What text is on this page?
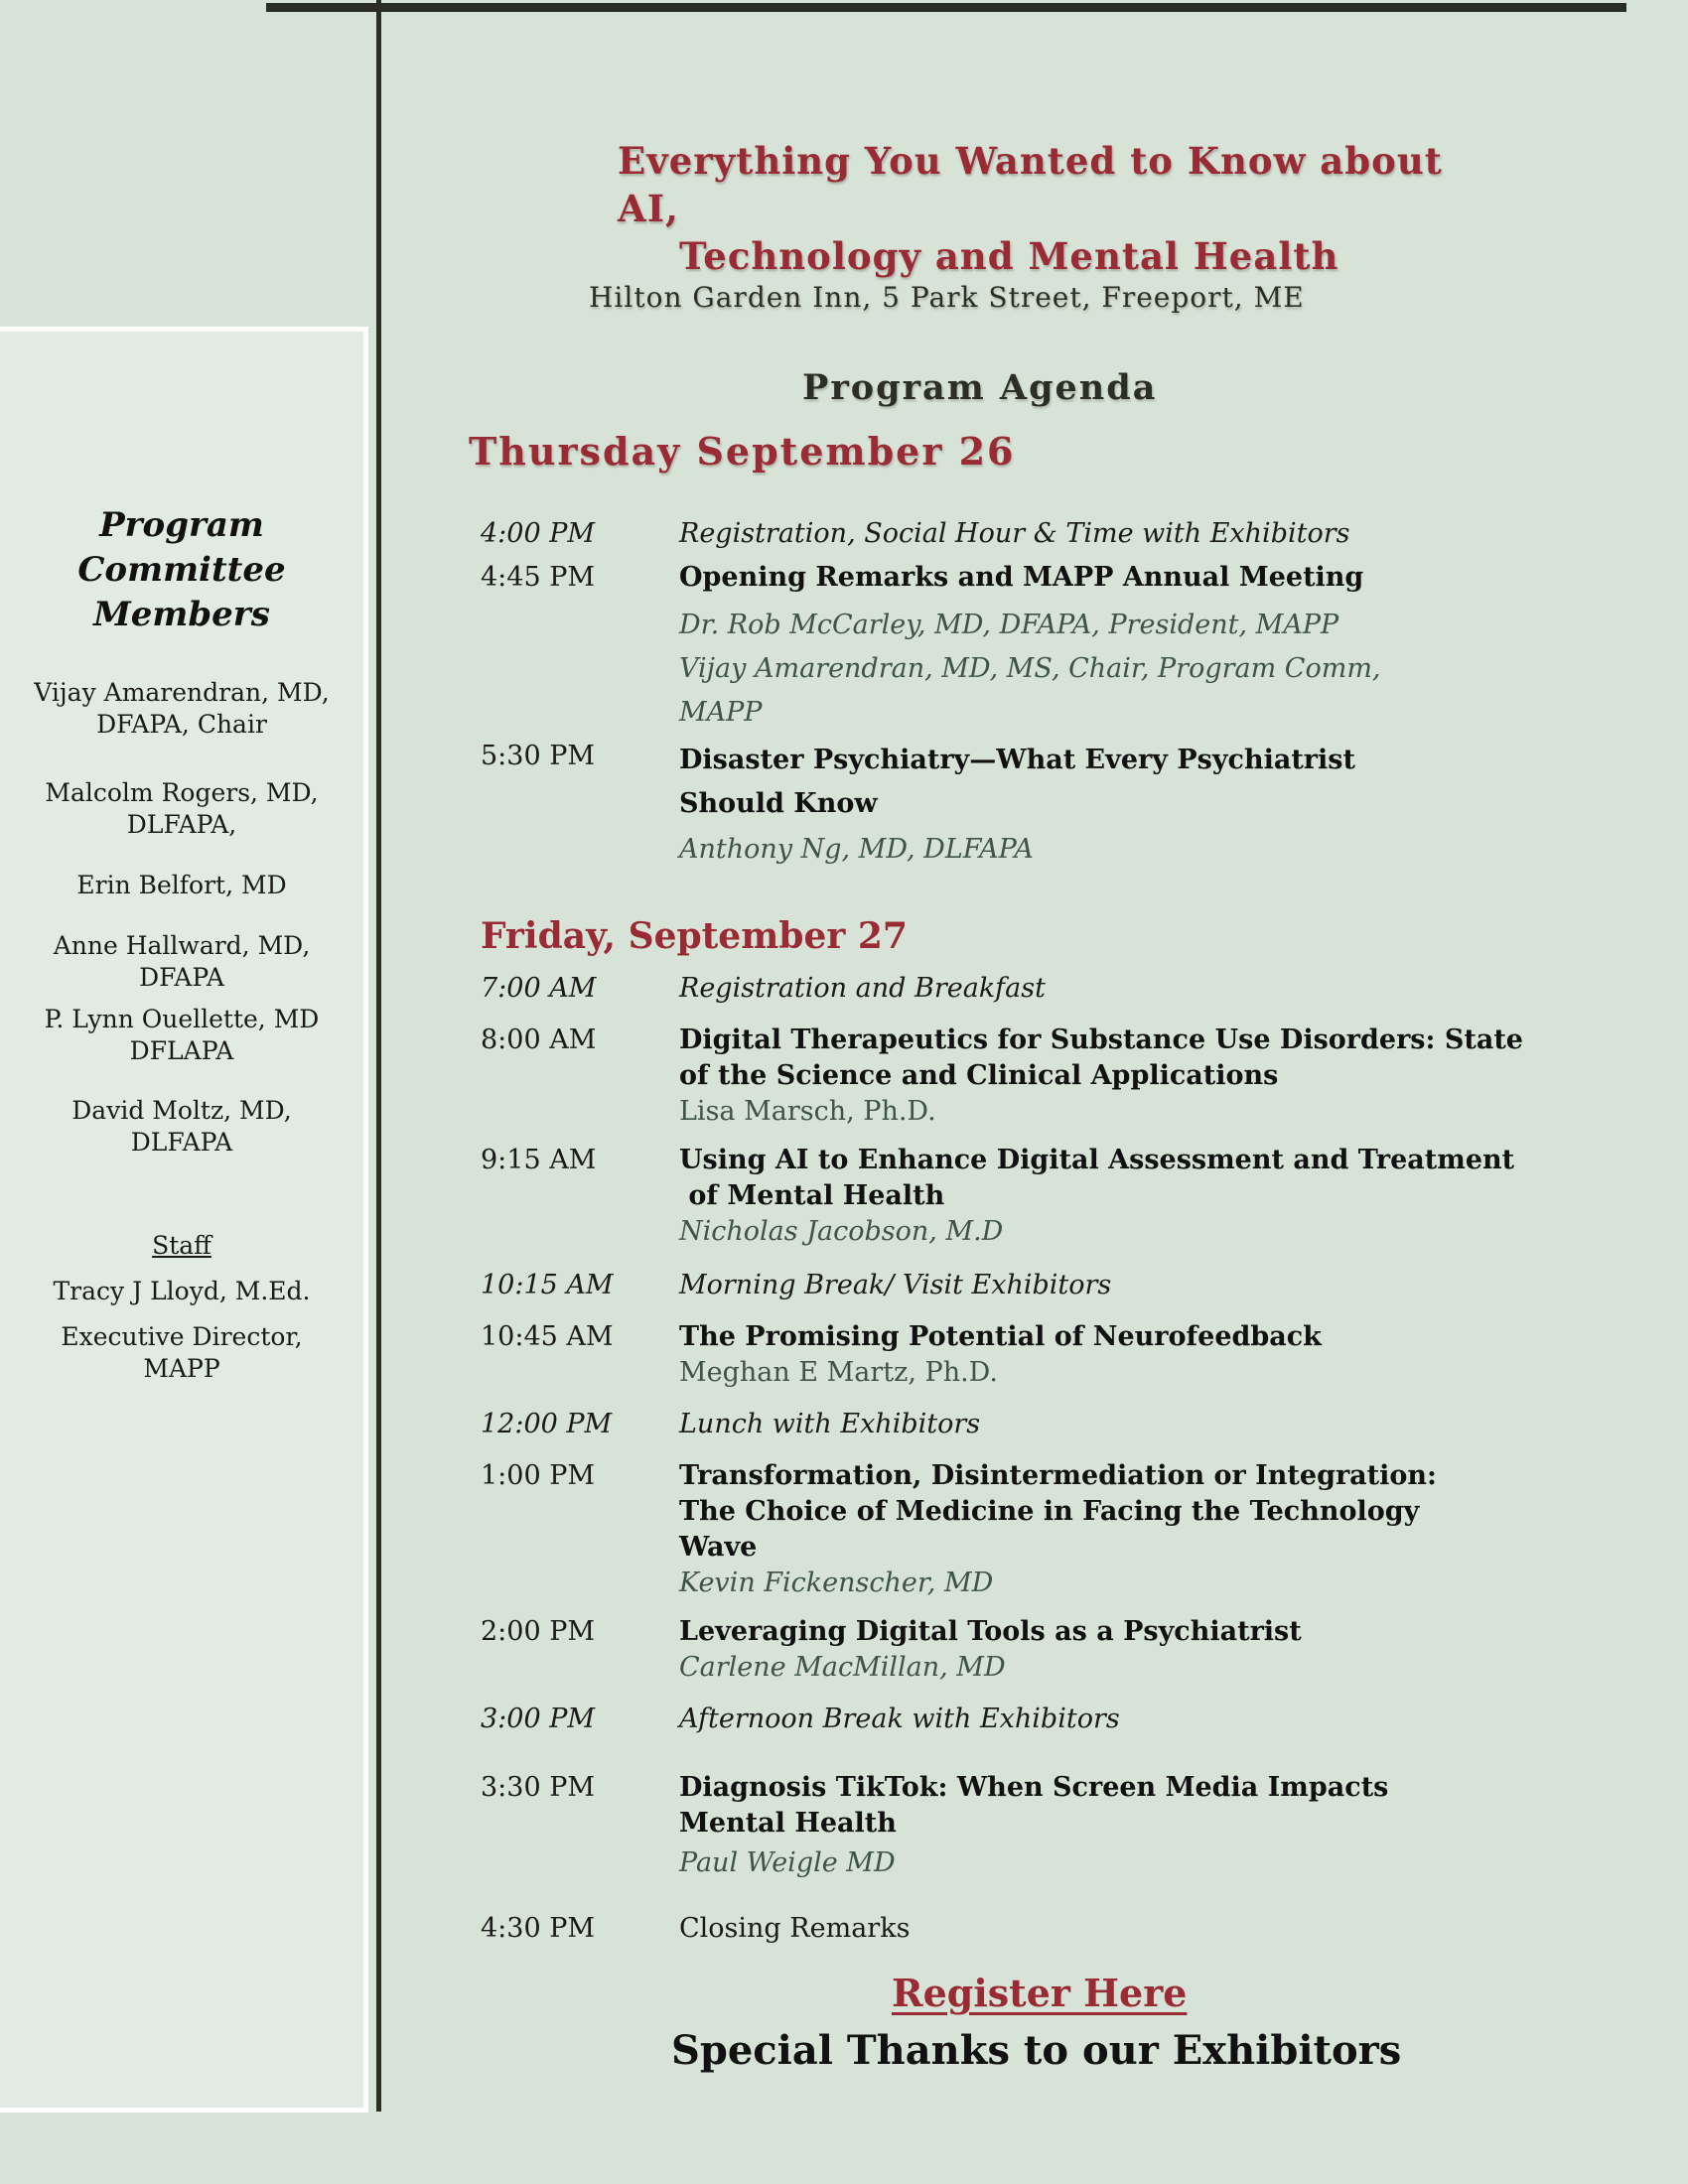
Program
Committee
Members
Vijay Amarendran, MD,
DFAPA, Chair
Malcolm Rogers, MD,
DLFAPA,
Erin Belfort, MD
Anne Hallward, MD,
DFAPA
P. Lynn Ouellette, MD
DFLAPA
David Moltz, MD,
DLFAPA
Staff
Tracy J Lloyd, M.Ed.
Executive Director,
MAPP
Everything You Wanted to Know about AI,
Technology and Mental Health
Hilton Garden Inn, 5 Park Street, Freeport, ME
Program Agenda
Thursday September 26
4:00 PM	Registration, Social Hour & Time with Exhibitors
4:45 PM	Opening Remarks and MAPP Annual Meeting
Dr. Rob McCarley, MD, DFAPA, President, MAPP
Vijay Amarendran, MD, MS, Chair, Program Comm,
MAPP
5:30 PM	Disaster Psychiatry—What Every Psychiatrist
Should Know
Anthony Ng, MD, DLFAPA
Friday, September 27
7:00 AM	Registration and Breakfast
8:00 AM	Digital Therapeutics for Substance Use Disorders: State
of the Science and Clinical Applications
Lisa Marsch, Ph.D.
9:15 AM	Using AI to Enhance Digital Assessment and Treatment
of Mental Health
Nicholas Jacobson, M.D
10:15 AM	Morning Break/ Visit Exhibitors
10:45 AM	The Promising Potential of Neurofeedback
Meghan E Martz, Ph.D.
12:00 PM	Lunch with Exhibitors
1:00 PM	Transformation, Disintermediation or Integration:
The Choice of Medicine in Facing the Technology
Wave
Kevin Fickenscher, MD
2:00 PM	Leveraging Digital Tools as a Psychiatrist
Carlene MacMillan, MD
3:00 PM	Afternoon Break with Exhibitors
3:30 PM	Diagnosis TikTok: When Screen Media Impacts
Mental Health
Paul Weigle MD
4:30 PM	Closing Remarks
Register Here
Special Thanks to our Exhibitors
